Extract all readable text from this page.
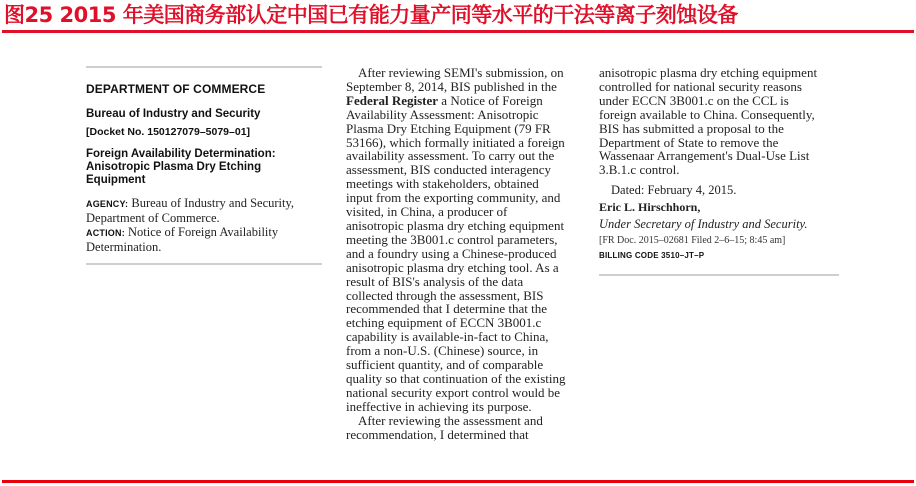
图25 2015 年美国商务部认定中国已有能力量产同等水平的干法等离子刻蚀设备
DEPARTMENT OF COMMERCE
Bureau of Industry and Security
[Docket No. 150127079–5079–01]
Foreign Availability Determination: Anisotropic Plasma Dry Etching Equipment
AGENCY: Bureau of Industry and Security, Department of Commerce.
ACTION: Notice of Foreign Availability Determination.
After reviewing SEMI's submission, on September 8, 2014, BIS published in the Federal Register a Notice of Foreign Availability Assessment: Anisotropic Plasma Dry Etching Equipment (79 FR 53166), which formally initiated a foreign availability assessment. To carry out the assessment, BIS conducted interagency meetings with stakeholders, obtained input from the exporting community, and visited, in China, a producer of anisotropic plasma dry etching equipment meeting the 3B001.c control parameters, and a foundry using a Chinese-produced anisotropic plasma dry etching tool. As a result of BIS's analysis of the data collected through the assessment, BIS recommended that I determine that the etching equipment of ECCN 3B001.c capability is available-in-fact to China, from a non-U.S. (Chinese) source, in sufficient quantity, and of comparable quality so that continuation of the existing national security export control would be ineffective in achieving its purpose.
After reviewing the assessment and recommendation, I determined that
anisotropic plasma dry etching equipment controlled for national security reasons under ECCN 3B001.c on the CCL is foreign available to China. Consequently, BIS has submitted a proposal to the Department of State to remove the Wassenaar Arrangement's Dual-Use List 3.B.1.c control.
Dated: February 4, 2015.
Eric L. Hirschhorn,
Under Secretary of Industry and Security.
[FR Doc. 2015–02681 Filed 2–6–15; 8:45 am]
BILLING CODE 3510–JT–P
